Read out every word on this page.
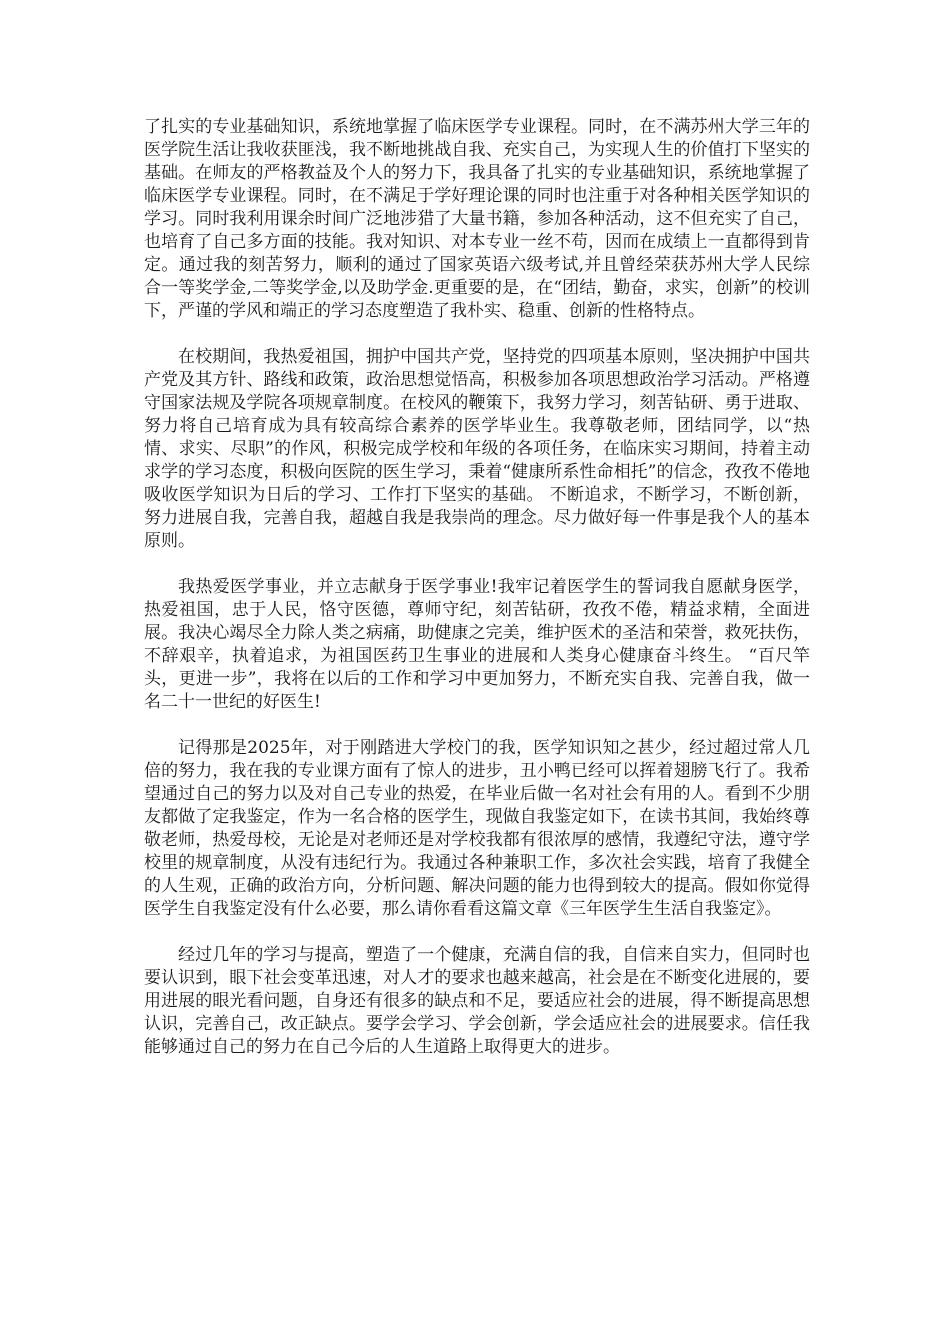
了扎实的专业基础知识，系统地掌握了临床医学专业课程。同时，在不满苏州大学三年的医学院生活让我收获匪浅，我不断地挑战自我、充实自己，为实现人生的价值打下坚实的基础。在师友的严格教益及个人的努力下，我具备了扎实的专业基础知识，系统地掌握了临床医学专业课程。同时，在不满足于学好理论课的同时也注重于对各种相关医学知识的学习。同时我利用课余时间广泛地涉猎了大量书籍，参加各种活动，这不但充实了自己，也培育了自己多方面的技能。我对知识、对本专业一丝不苟，因而在成绩上一直都得到肯定。通过我的刻苦努力，顺利的通过了国家英语六级考试,并且曾经荣获苏州大学人民综合一等奖学金,二等奖学金,以及助学金.更重要的是，在“团结，勤奋，求实，创新”的校训下，严谨的学风和端正的学习态度塑造了我朴实、稳重、创新的性格特点。

在校期间，我热爱祖国，拥护中国共产党，坚持党的四项基本原则，坚决拥护中国共产党及其方针、路线和政策，政治思想觉悟高，积极参加各项思想政治学习活动。严格遵守国家法规及学院各项规章制度。在校风的鞭策下，我努力学习，刻苦钻研、勇于进取、努力将自己培育成为具有较高综合素养的医学毕业生。我尊敬老师，团结同学，以“热情、求实、尽职”的作风，积极完成学校和年级的各项任务，在临床实习期间，持着主动求学的学习态度，积极向医院的医生学习，秉着“健康所系性命相托”的信念，孜孜不倦地吸收医学知识为日后的学习、工作打下坚实的基础。 不断追求，不断学习，不断创新，努力进展自我，完善自我，超越自我是我崇尚的理念。尽力做好每一件事是我个人的基本原则。

我热爱医学事业，并立志献身于医学事业!我牢记着医学生的誓词我自愿献身医学，热爱祖国，忠于人民，恪守医德，尊师守纪，刻苦钻研，孜孜不倦，精益求精，全面进展。我决心竭尽全力除人类之病痛，助健康之完美，维护医术的圣洁和荣誉，救死扶伤，不辞艰辛，执着追求，为祖国医药卫生事业的进展和人类身心健康奋斗终生。 “百尺竿头，更进一步”，我将在以后的工作和学习中更加努力，不断充实自我、完善自我，做一名二十一世纪的好医生!

记得那是2025年，对于刚踏进大学校门的我，医学知识知之甚少，经过超过常人几倍的努力，我在我的专业课方面有了惊人的进步，丑小鸭已经可以挥着翅膀飞行了。我希望通过自己的努力以及对自己专业的热爱，在毕业后做一名对社会有用的人。看到不少朋友都做了定我鉴定，作为一名合格的医学生，现做自我鉴定如下，在读书其间，我始终尊敬老师，热爱母校，无论是对老师还是对学校我都有很浓厚的感情，我遵纪守法，遵守学校里的规章制度，从没有违纪行为。我通过各种兼职工作，多次社会实践，培育了我健全的人生观，正确的政治方向，分析问题、解决问题的能力也得到较大的提高。假如你觉得医学生自我鉴定没有什么必要，那么请你看看这篇文章《三年医学生生活自我鉴定》。

经过几年的学习与提高，塑造了一个健康，充满自信的我，自信来自实力，但同时也要认识到，眼下社会变革迅速，对人才的要求也越来越高，社会是在不断变化进展的，要用进展的眼光看问题，自身还有很多的缺点和不足，要适应社会的进展，得不断提高思想认识，完善自己，改正缺点。要学会学习、学会创新，学会适应社会的进展要求。信任我能够通过自己的努力在自己今后的人生道路上取得更大的进步。
